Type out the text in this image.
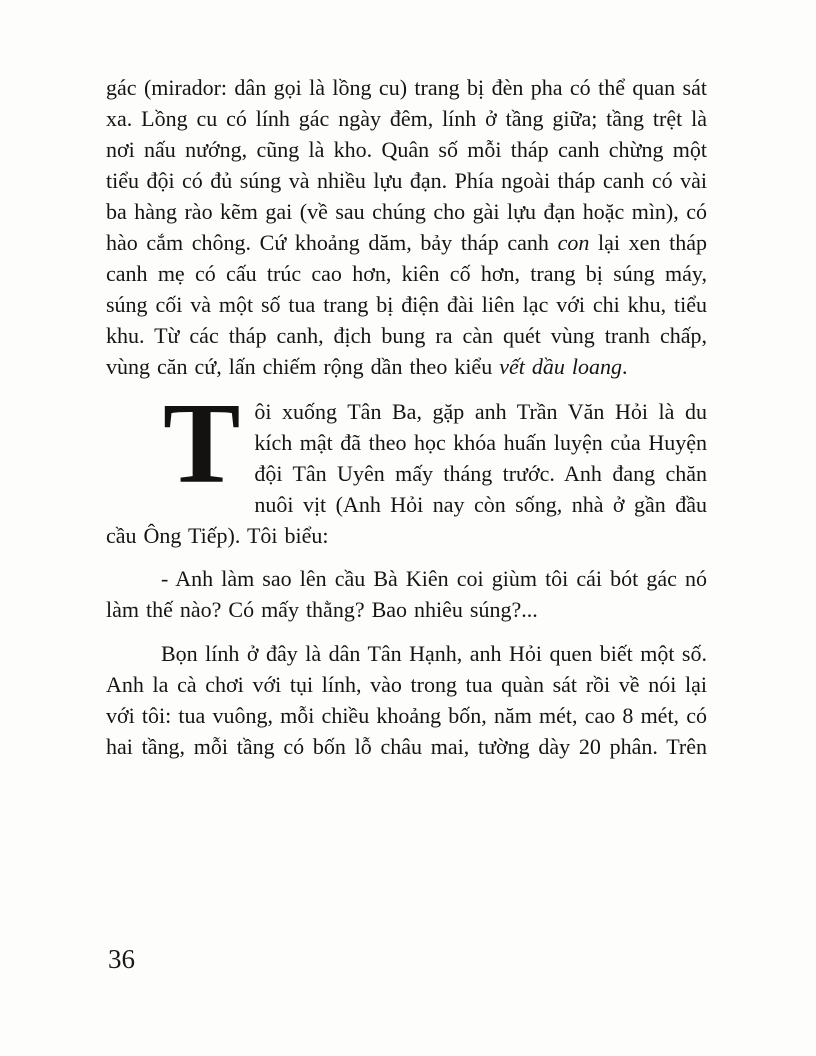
gác (mirador: dân gọi là lồng cu) trang bị đèn pha có thể quan sát xa. Lồng cu có lính gác ngày đêm, lính ở tầng giữa; tầng trệt là nơi nấu nướng, cũng là kho. Quân số mỗi tháp canh chừng một tiểu đội có đủ súng và nhiều lựu đạn. Phía ngoài tháp canh có vài ba hàng rào kẽm gai (về sau chúng cho gài lựu đạn hoặc mìn), có hào cắm chông. Cứ khoảng dăm, bảy tháp canh con lại xen tháp canh mẹ có cấu trúc cao hơn, kiên cố hơn, trang bị súng máy, súng cối và một số tua trang bị điện đài liên lạc với chi khu, tiểu khu. Từ các tháp canh, địch bung ra càn quét vùng tranh chấp, vùng căn cứ, lấn chiếm rộng dần theo kiểu vết dầu loang.

Tôi xuống Tân Ba, gặp anh Trần Văn Hỏi là du kích mật đã theo học khóa huấn luyện của Huyện đội Tân Uyên mấy tháng trước. Anh đang chăn nuôi vịt (Anh Hỏi nay còn sống, nhà ở gần đầu cầu Ông Tiếp). Tôi biểu:

- Anh làm sao lên cầu Bà Kiên coi giùm tôi cái bót gác nó làm thế nào? Có mấy thằng? Bao nhiêu súng?...

Bọn lính ở đây là dân Tân Hạnh, anh Hỏi quen biết một số. Anh la cà chơi với tụi lính, vào trong tua quàn sát rồi về nói lại với tôi: tua vuông, mỗi chiều khoảng bốn, năm mét, cao 8 mét, có hai tầng, mỗi tầng có bốn lỗ châu mai, tường dày 20 phân. Trên

36
